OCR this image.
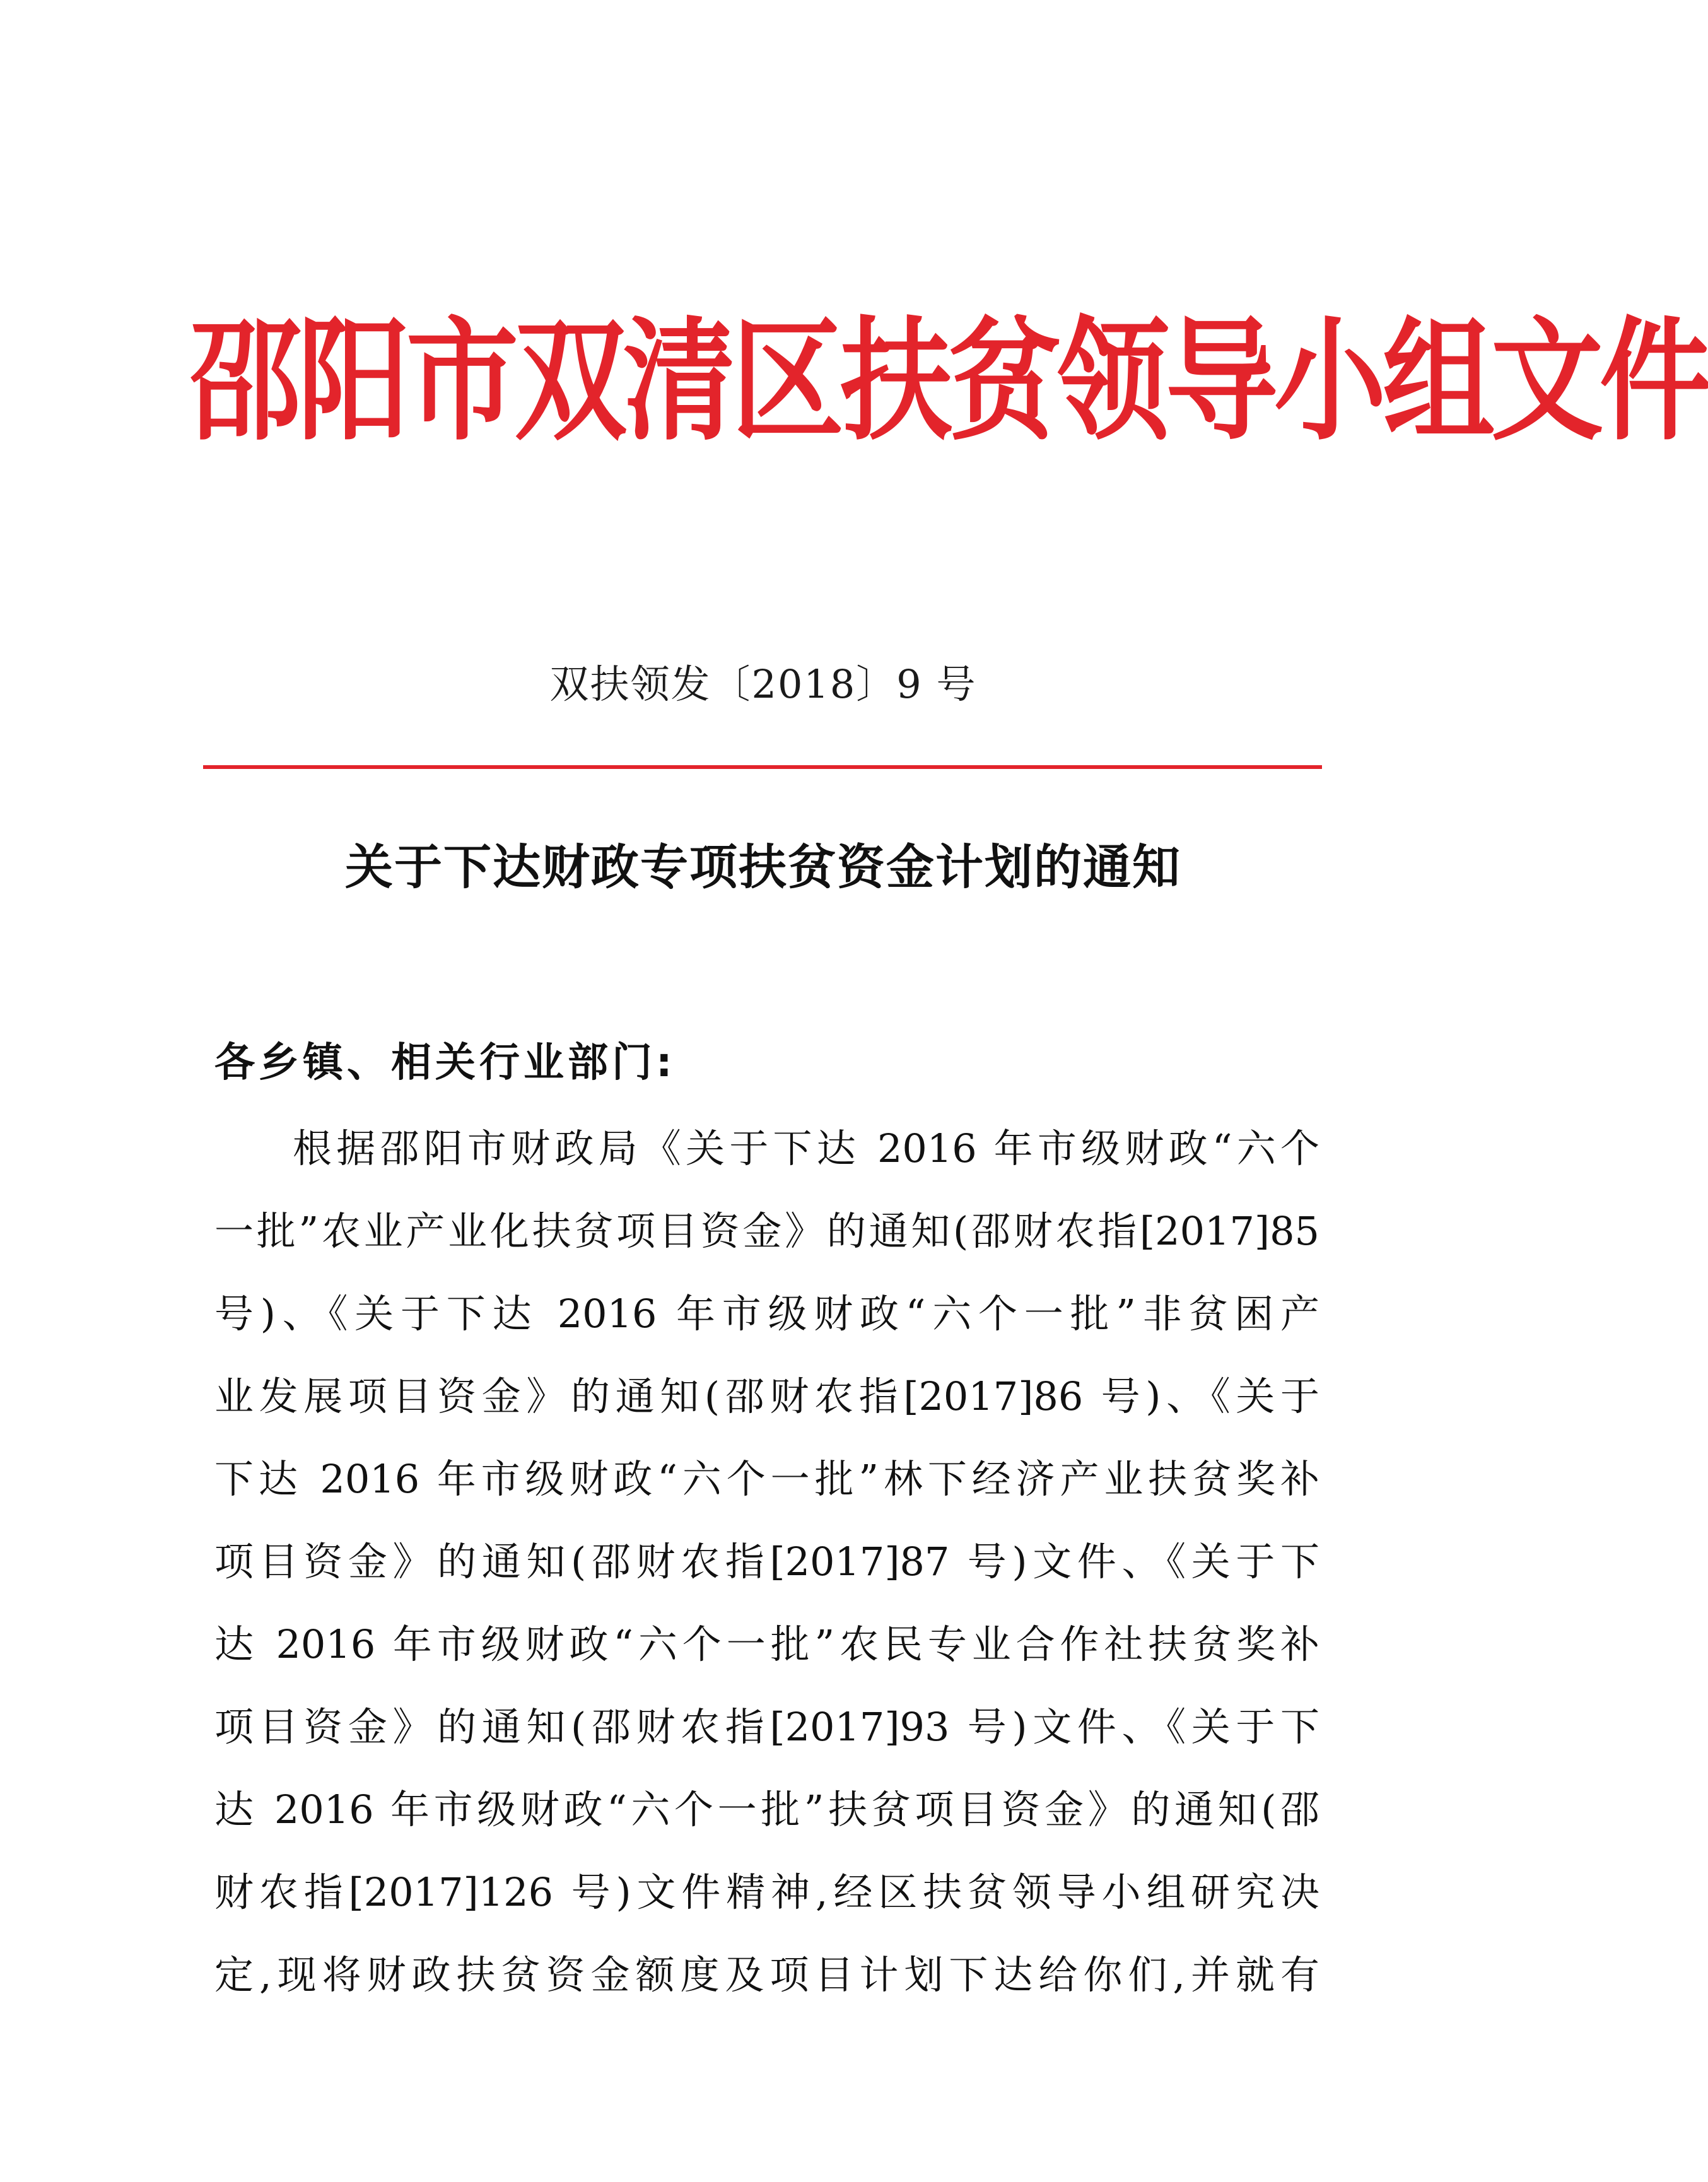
邵阳市双清区扶贫领导小组文件
双扶领发〔2018〕9 号
关于下达财政专项扶贫资金计划的通知
各乡镇、相关行业部门:
根据邵阳市财政局《关于下达 2016 年市级财政“六个
一批”农业产业化扶贫项目资金》的通知(邵财农指[2017]85
号)、《关于下达 2016 年市级财政“六个一批”非贫困产
业发展项目资金》的通知(邵财农指[2017]86 号)、《关于
下达 2016 年市级财政“六个一批”林下经济产业扶贫奖补
项目资金》的通知(邵财农指[2017]87 号)文件、《关于下
达 2016 年市级财政“六个一批”农民专业合作社扶贫奖补
项目资金》的通知(邵财农指[2017]93 号)文件、《关于下
达 2016 年市级财政“六个一批”扶贫项目资金》的通知(邵
财农指[2017]126 号)文件精神,经区扶贫领导小组研究决
定,现将财政扶贫资金额度及项目计划下达给你们,并就有
